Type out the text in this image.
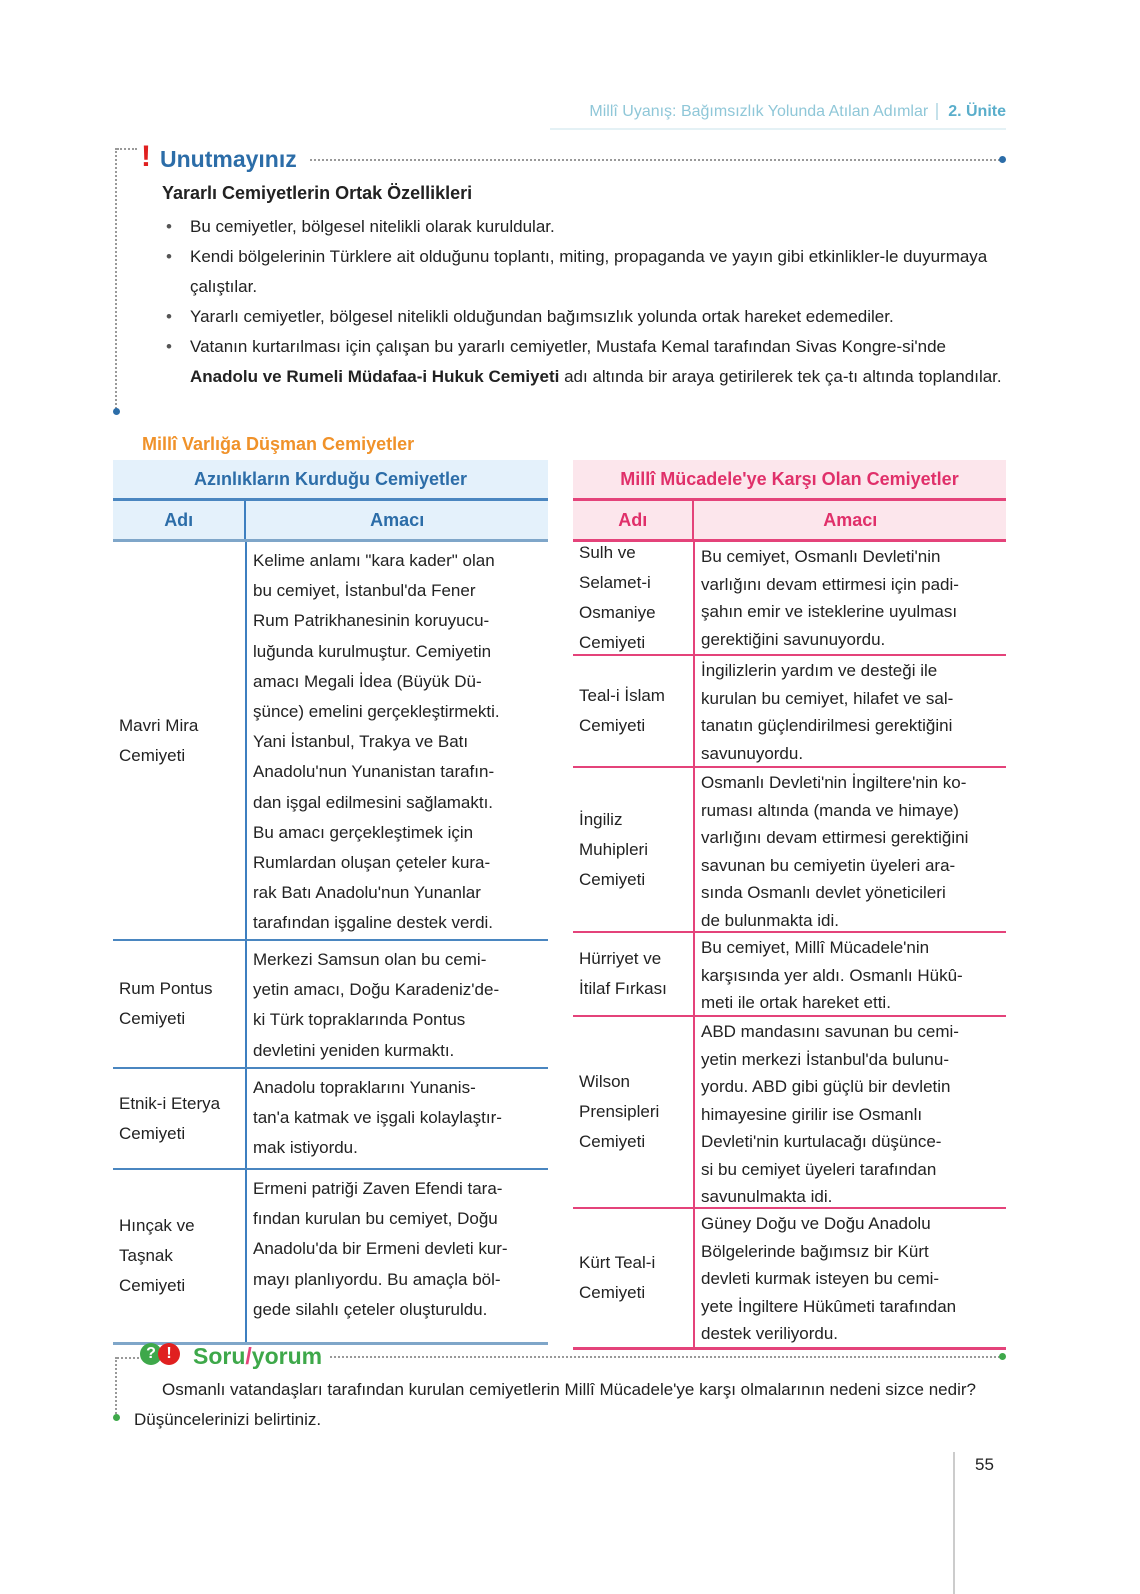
Millî Uyanış: Bağımsızlık Yolunda Atılan Adımlar 2. Ünite
! Unutmayınız
Yararlı Cemiyetlerin Ortak Özellikleri
• Bu cemiyetler, bölgesel nitelikli olarak kuruldular.
• Kendi bölgelerinin Türklere ait olduğunu toplantı, miting, propaganda ve yayın gibi etkinlikler-le duyurmaya çalıştılar.
• Yararlı cemiyetler, bölgesel nitelikli olduğundan bağımsızlık yolunda ortak hareket edemediler.
• Vatanın kurtarılması için çalışan bu yararlı cemiyetler, Mustafa Kemal tarafından Sivas Kongre-si'nde Anadolu ve Rumeli Müdafaa-i Hukuk Cemiyeti adı altında bir araya getirilerek tek ça-tı altında toplandılar.
Millî Varlığa Düşman Cemiyetler
Azınlıkların Kurduğu Cemiyetler
Adı	Amacı
Mavri Mira
Cemiyeti
Kelime anlamı "kara kader" olan
bu cemiyet, İstanbul'da Fener
Rum Patrikhanesinin koruyucu-
luğunda kurulmuştur. Cemiyetin
amacı Megali İdea (Büyük Dü-
şünce) emelini gerçekleştirmekti.
Yani İstanbul, Trakya ve Batı
Anadolu'nun Yunanistan tarafın-
dan işgal edilmesini sağlamaktı.
Bu amacı gerçekleştimek için
Rumlardan oluşan çeteler kura-
rak Batı Anadolu'nun Yunanlar
tarafından işgaline destek verdi.
Rum Pontus
Cemiyeti
Merkezi Samsun olan bu cemi-
yetin amacı, Doğu Karadeniz'de-
ki Türk topraklarında Pontus
devletini yeniden kurmaktı.
Etnik-i Eterya
Cemiyeti
Anadolu topraklarını Yunanis-
tan'a katmak ve işgali kolaylaştır-
mak istiyordu.
Hınçak ve
Taşnak
Cemiyeti
Ermeni patriği Zaven Efendi tara-
fından kurulan bu cemiyet, Doğu
Anadolu'da bir Ermeni devleti kur-
mayı planlıyordu. Bu amaçla böl-
gede silahlı çeteler oluşturuldu.
Millî Mücadele'ye Karşı Olan Cemiyetler
Adı	Amacı
Sulh ve
Selamet-i
Osmaniye
Cemiyeti
Bu cemiyet, Osmanlı Devleti'nin
varlığını devam ettirmesi için padi-
şahın emir ve isteklerine uyulması
gerektiğini savunuyordu.
Teal-i İslam
Cemiyeti
İngilizlerin yardım ve desteği ile
kurulan bu cemiyet, hilafet ve sal-
tanatın güçlendirilmesi gerektiğini
savunuyordu.
İngiliz
Muhipleri
Cemiyeti
Osmanlı Devleti'nin İngiltere'nin ko-
ruması altında (manda ve himaye)
varlığını devam ettirmesi gerektiğini
savunan bu cemiyetin üyeleri ara-
sında Osmanlı devlet yöneticileri
de bulunmakta idi.
Hürriyet ve
İtilaf Fırkası
Bu cemiyet, Millî Mücadele'nin
karşısında yer aldı. Osmanlı Hükû-
meti ile ortak hareket etti.
Wilson
Prensipleri
Cemiyeti
ABD mandasını savunan bu cemi-
yetin merkezi İstanbul'da bulunu-
yordu. ABD gibi güçlü bir devletin
himayesine girilir ise Osmanlı
Devleti'nin kurtulacağı düşünce-
si bu cemiyet üyeleri tarafından
savunulmakta idi.
Kürt Teal-i
Cemiyeti
Güney Doğu ve Doğu Anadolu
Bölgelerinde bağımsız bir Kürt
devleti kurmak isteyen bu cemi-
yete İngiltere Hükûmeti tarafından
destek veriliyordu.
? ! Soru/yorum
Osmanlı vatandaşları tarafından kurulan cemiyetlerin Millî Mücadele'ye karşı olmalarının nedeni sizce nedir? Düşüncelerinizi belirtiniz.
55
